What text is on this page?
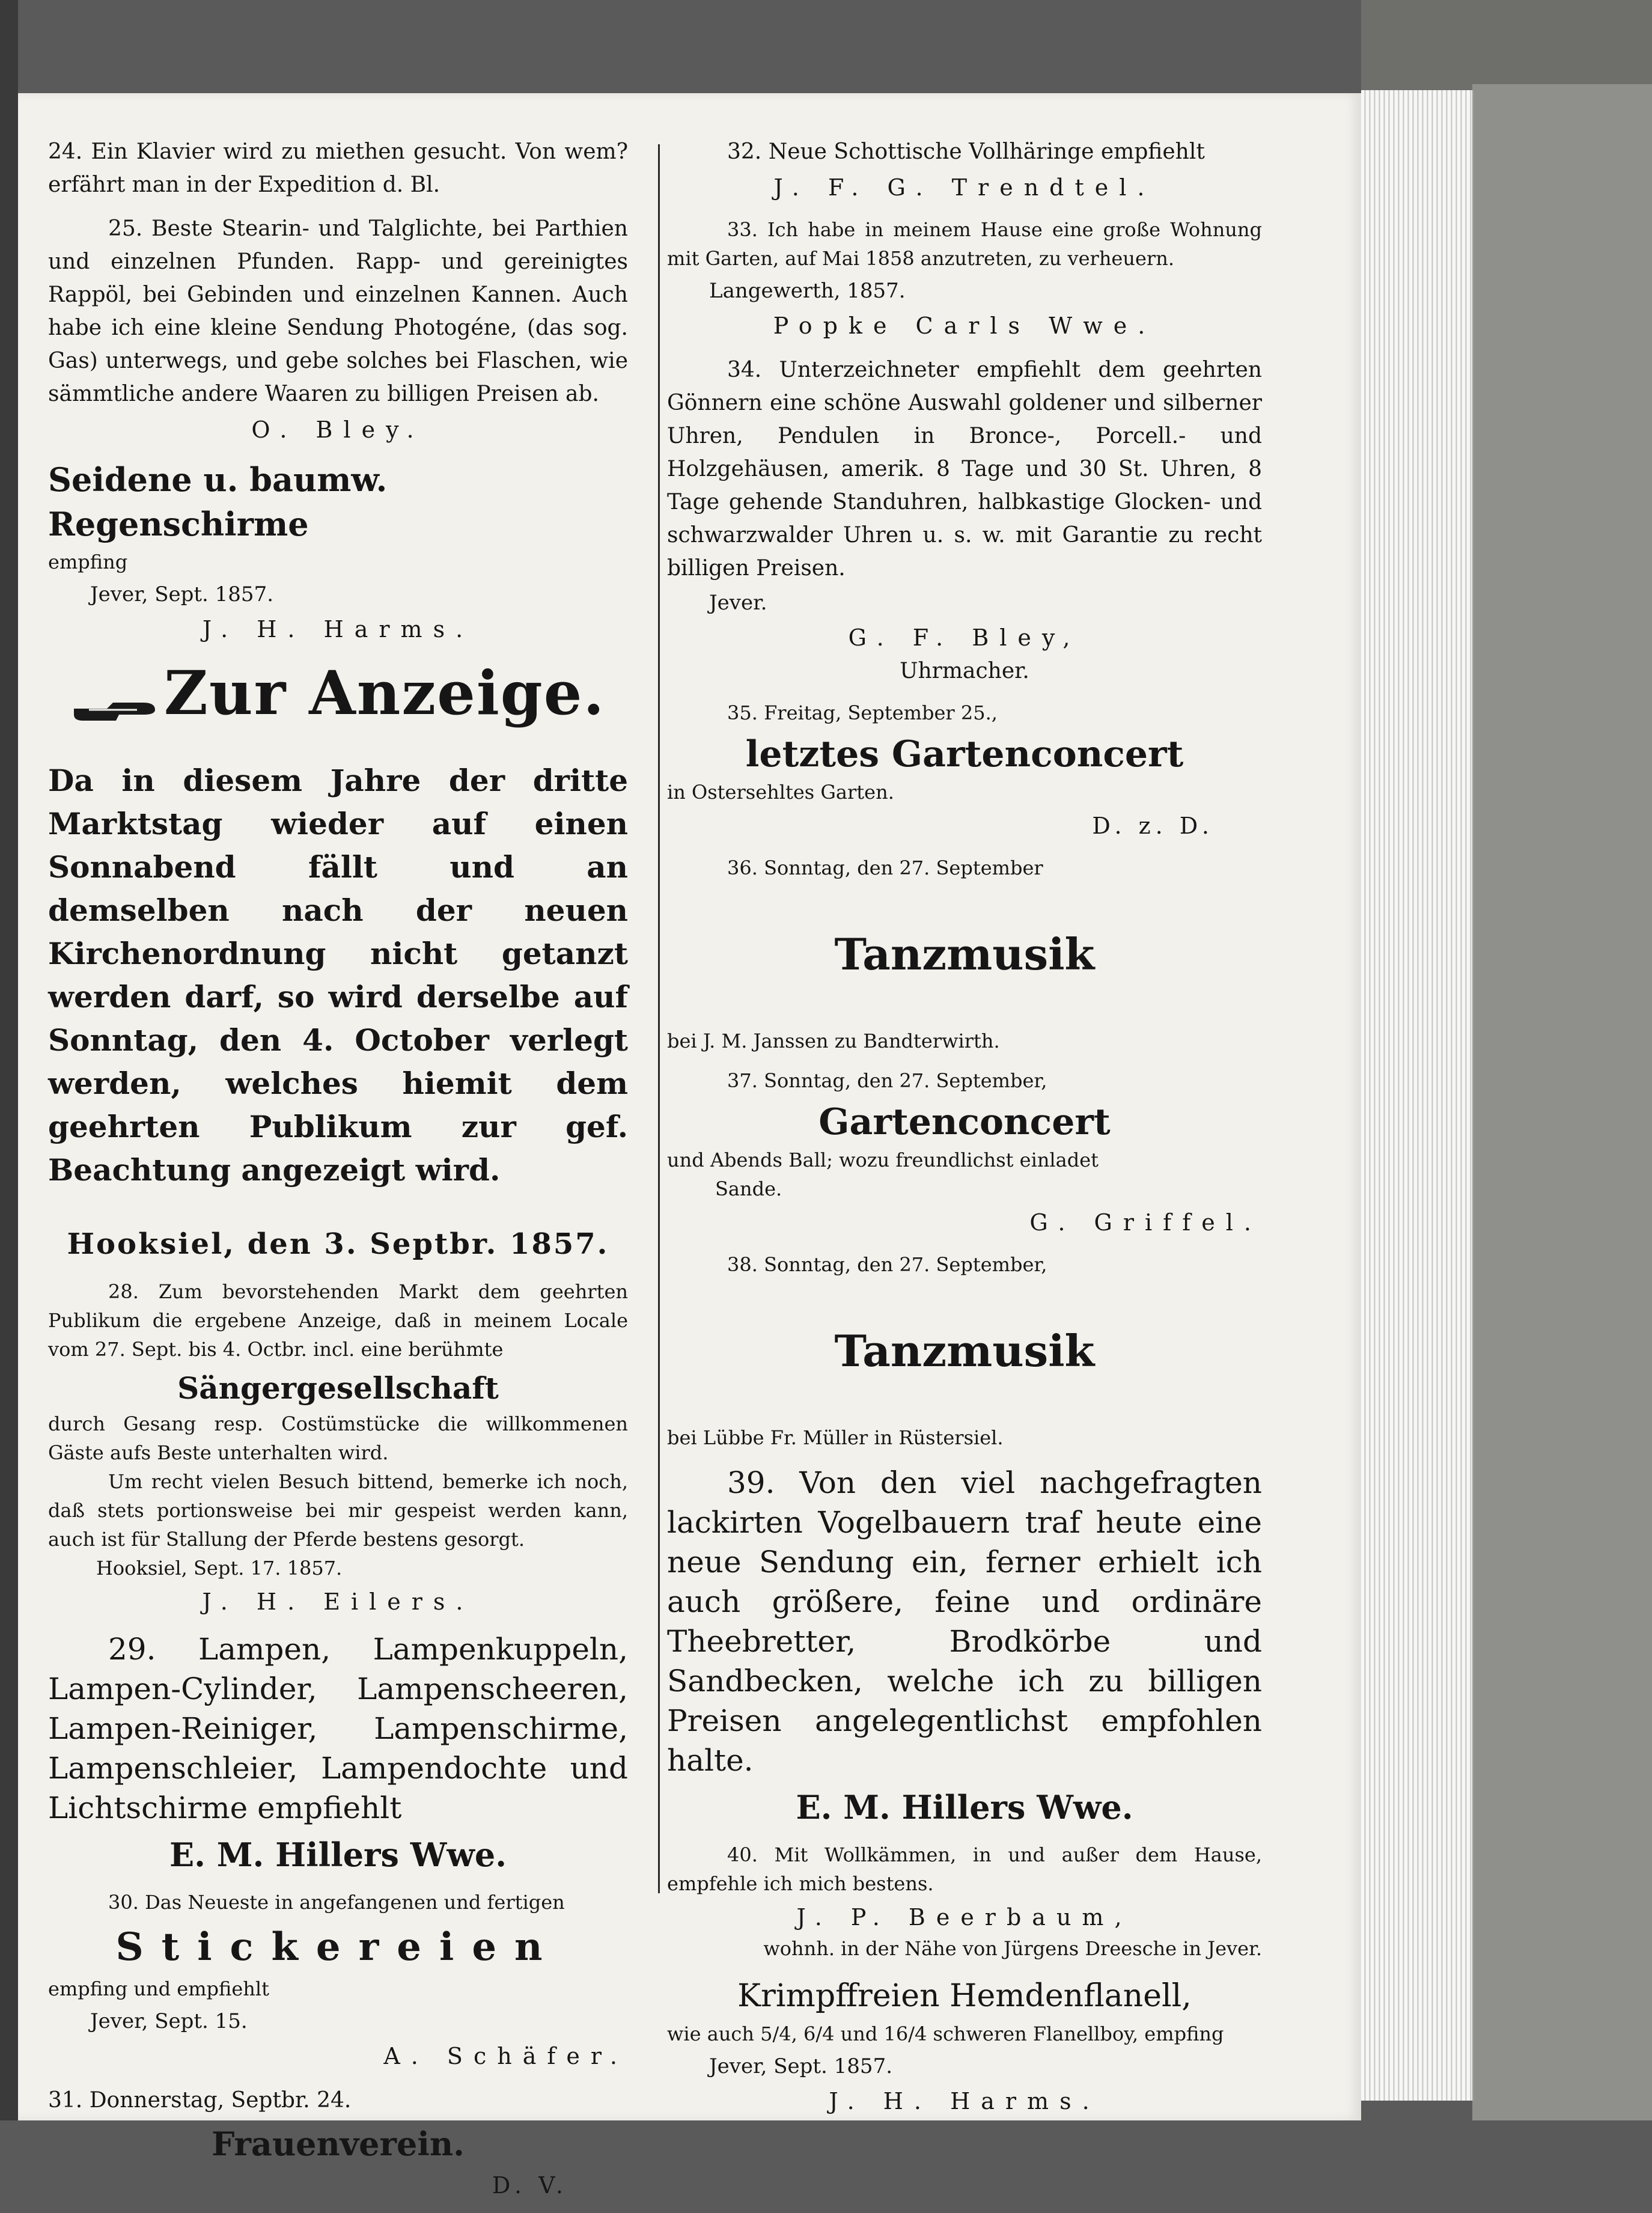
24. Ein Klavier wird zu miethen gesucht. Von wem? erfährt man in der Expedition d. Bl.

25. Beste Stearin- und Talglichte, bei Parthien und einzelnen Pfunden. Rapp- und gereinigtes Rappöl, bei Gebinden und einzelnen Kannen. Auch habe ich eine kleine Sendung Photogéne, (das sog. Gas) unterwegs, und gebe solches bei Flaschen, wie sämmtliche andere Waaren zu billigen Preisen ab.

O. Bley.

Seidene u. baumw. Regenschirme

empfing

Jever, Sept. 1857.

J. H. Harms.

Zur Anzeige.

Da in diesem Jahre der dritte Marktstag wieder auf einen Sonnabend fällt und an demselben nach der neuen Kirchenordnung nicht getanzt werden darf, so wird derselbe auf Sonntag, den 4. October verlegt werden, welches hiemit dem geehrten Publikum zur gef. Beachtung angezeigt wird.

Hooksiel, den 3. Septbr. 1857.

28. Zum bevorstehenden Markt dem geehrten Publikum die ergebene Anzeige, daß in meinem Locale vom 27. Sept. bis 4. Octbr. incl. eine berühmte

Sängergesellschaft

durch Gesang resp. Costümstücke die willkommenen Gäste aufs Beste unterhalten wird.

Um recht vielen Besuch bittend, bemerke ich noch, daß stets portionsweise bei mir gespeist werden kann, auch ist für Stallung der Pferde bestens gesorgt.

Hooksiel, Sept. 17. 1857.

J. H. Eilers.

29. Lampen, Lampenkuppeln, Lampen-Cylinder, Lampenscheeren, Lampen-Reiniger, Lampenschirme, Lampenschleier, Lampendochte und Lichtschirme empfiehlt

E. M. Hillers Wwe.

30. Das Neueste in angefangenen und fertigen

Stickereien

empfing und empfiehlt

Jever, Sept. 15.

A. Schäfer.

31. Donnerstag, Septbr. 24.

Frauenverein.

D. V.

32. Neue Schottische Vollhäringe empfiehlt

J. F. G. Trendtel.

33. Ich habe in meinem Hause eine große Wohnung mit Garten, auf Mai 1858 anzutreten, zu verheuern.

Langewerth, 1857.

Popke Carls Wwe.

34. Unterzeichneter empfiehlt dem geehrten Gönnern eine schöne Auswahl goldener und silberner Uhren, Pendulen in Bronce-, Porcell.- und Holzgehäusen, amerik. 8 Tage und 30 St. Uhren, 8 Tage gehende Standuhren, halbkastige Glocken- und schwarzwalder Uhren u. s. w. mit Garantie zu recht billigen Preisen.

Jever.

G. F. Bley,

Uhrmacher.

35. Freitag, September 25.,

letztes Gartenconcert

in Ostersehltes Garten.

D. z. D.

36. Sonntag, den 27. September

Tanzmusik

bei J. M. Janssen zu Bandterwirth.

37. Sonntag, den 27. September,

Gartenconcert

und Abends Ball; wozu freundlichst einladet

Sande.

G. Griffel.

38. Sonntag, den 27. September,

Tanzmusik

bei Lübbe Fr. Müller in Rüstersiel.

39. Von den viel nachgefragten lackirten Vogelbauern traf heute eine neue Sendung ein, ferner erhielt ich auch größere, feine und ordinäre Theebretter, Brodkörbe und Sandbecken, welche ich zu billigen Preisen angelegentlichst empfohlen halte.

E. M. Hillers Wwe.

40. Mit Wollkämmen, in und außer dem Hause, empfehle ich mich bestens.

J. P. Beerbaum,

wohnh. in der Nähe von Jürgens Dreesche in Jever.

Krimpffreien Hemdenflanell,

wie auch 5/4, 6/4 und 16/4 schweren Flanellboy, empfing

Jever, Sept. 1857.

J. H. Harms.
